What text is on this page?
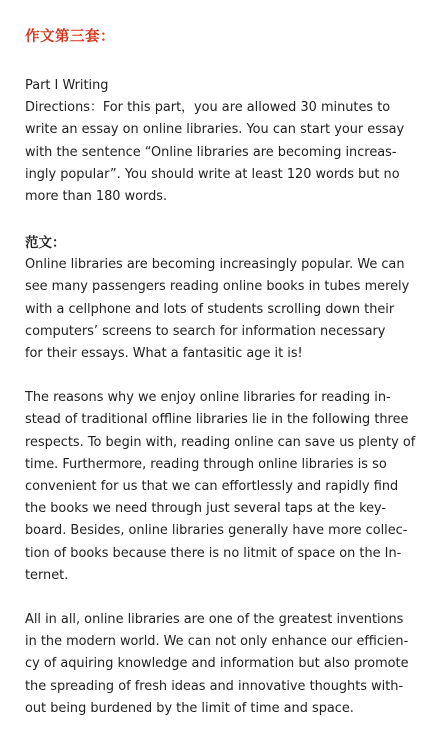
作文第三套：
Part I Writing
Directions：For this part，you are allowed 30 minutes to
write an essay on online libraries. You can start your essay
with the sentence “Online libraries are becoming increas-
ingly popular”. You should write at least 120 words but no
more than 180 words.
范文：
Online libraries are becoming increasingly popular. We can
see many passengers reading online books in tubes merely
with a cellphone and lots of students scrolling down their
computers’ screens to search for information necessary
for their essays. What a fantasitic age it is!
The reasons why we enjoy online libraries for reading in-
stead of traditional offline libraries lie in the following three
respects. To begin with, reading online can save us plenty of
time. Furthermore, reading through online libraries is so
convenient for us that we can effortlessly and rapidly find
the books we need through just several taps at the key-
board. Besides, online libraries generally have more collec-
tion of books because there is no litmit of space on the In-
ternet.
All in all, online libraries are one of the greatest inventions
in the modern world. We can not only enhance our efficien-
cy of aquiring knowledge and information but also promote
the spreading of fresh ideas and innovative thoughts with-
out being burdened by the limit of time and space.
